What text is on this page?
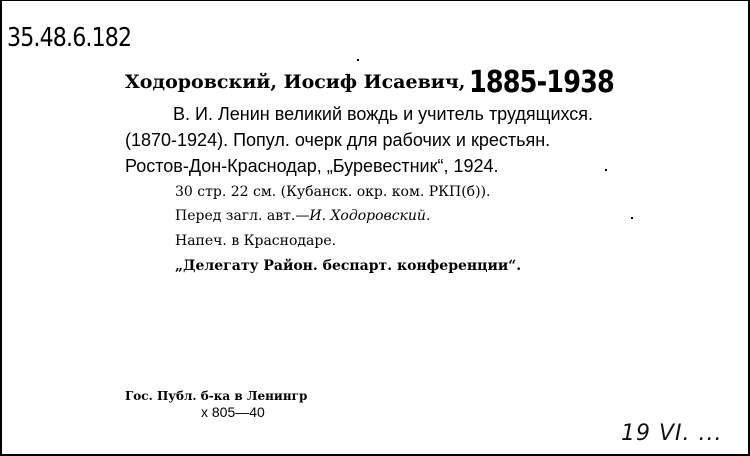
35.48.6.182
Ходоровский, Иосиф Исаевич, 1885-1938
В. И. Ленин великий вождь и учитель трудящихся.
(1870-1924). Попул. очерк для рабочих и крестьян.
Ростов-Дон-Краснодар, „Буревестник“, 1924.
30 стр. 22 см. (Кубанск. окр. ком. РКП(б)).
Перед загл. авт.—И. Ходоровский.
Напеч. в Краснодаре.
„Делегату Район. беспарт. конференции“.
Гос. Публ. б-ка в Ленингр
х 805—40
19 VI. ...
